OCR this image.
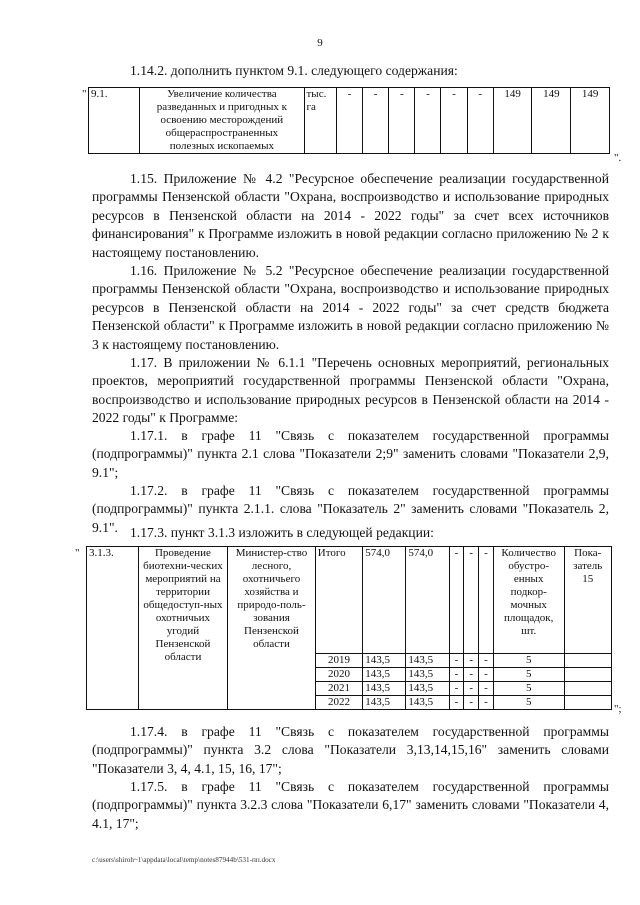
9
1.14.2. дополнить пунктом 9.1. следующего содержания:
" 9.1.	Увеличение количества разведанных и пригодных к освоению месторождений общераспространенных полезных ископаемых	тыс. га	-	-	-	-	-	-	149	149	149
".
1.15. Приложение № 4.2 "Ресурсное обеспечение реализации государственной программы Пензенской области "Охрана, воспроизводство и использование природных ресурсов в Пензенской области на 2014 - 2022 годы" за счет всех источников финансирования" к Программе изложить в новой редакции согласно приложению № 2 к настоящему постановлению.
1.16. Приложение № 5.2 "Ресурсное обеспечение реализации государственной программы Пензенской области "Охрана, воспроизводство и использование природных ресурсов в Пензенской области на 2014 - 2022 годы" за счет средств бюджета Пензенской области" к Программе изложить в новой редакции согласно приложению № 3 к настоящему постановлению.
1.17. В приложении № 6.1.1 "Перечень основных мероприятий, региональных проектов, мероприятий государственной программы Пензенской области "Охрана, воспроизводство и использование природных ресурсов в Пензенской области на 2014 - 2022 годы" к Программе:
1.17.1. в графе 11 "Связь с показателем государственной программы (подпрограммы)" пункта 2.1 слова "Показатели 2;9" заменить словами "Показатели 2,9, 9.1";
1.17.2. в графе 11 "Связь с показателем государственной программы (подпрограммы)" пункта 2.1.1. слова "Показатель 2" заменить словами "Показатель 2, 9.1". 1.17.3. пункт 3.1.3 изложить в следующей редакции:
" 3.1.3.	Проведение биотехни-ческих мероприятий на территории общедоступ-ных охотничьих угодий Пензенской области	Министер-ство лесного, охотничьего хозяйства и природо-поль-зования Пензенской области	Итого	574,0	574,0	-	-	-	Количество обустро-енных подкор-мочных площадок, шт.	Пока-затель 15
			2019	143,5	143,5	-	-	-	5	
			2020	143,5	143,5	-	-	-	5	
			2021	143,5	143,5	-	-	-	5	
			2022	143,5	143,5	-	-	-	5	
";
1.17.4. в графе 11 "Связь с показателем государственной программы (подпрограммы)" пункта 3.2 слова "Показатели 3,13,14,15,16" заменить словами "Показатели 3, 4, 4.1, 15, 16, 17";
1.17.5. в графе 11 "Связь с показателем государственной программы (подпрограммы)" пункта 3.2.3 слова "Показатели 6,17" заменить словами "Показатели 4, 4.1, 17";
c:\users\shiroh~1\appdata\local\temp\notes87944b\531-пп.docx
